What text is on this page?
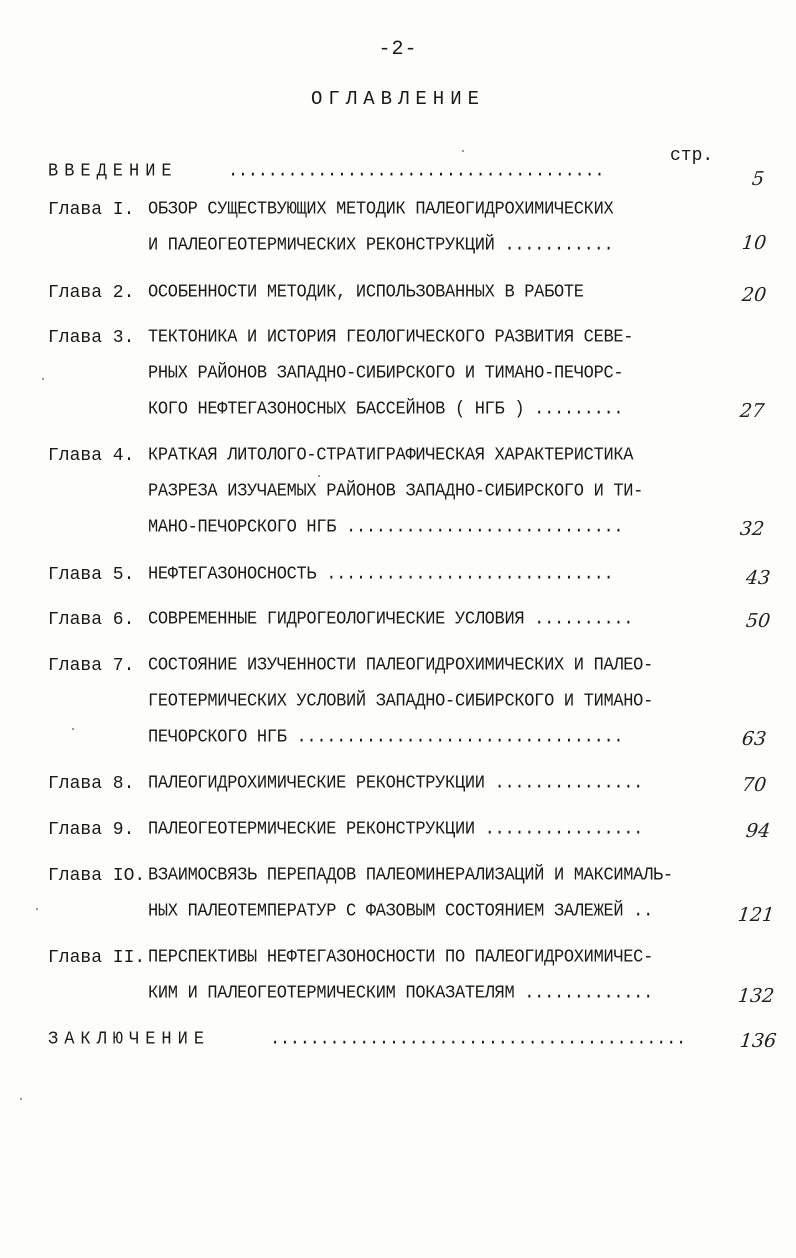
-2-
ОГЛАВЛЕНИЕ
стр.
ВВЕДЕНИЕ	......................................	5
Глава I. ОБЗОР СУЩЕСТВУЮЩИХ МЕТОДИК ПАЛЕОГИДРОХИМИЧЕСКИХ
И ПАЛЕОГЕОТЕРМИЧЕСКИХ РЕКОНСТРУКЦИЙ ...........	10
Глава 2. ОСОБЕННОСТИ МЕТОДИК, ИСПОЛЬЗОВАННЫХ В РАБОТЕ	20
Глава 3. ТЕКТОНИКА И ИСТОРИЯ ГЕОЛОГИЧЕСКОГО РАЗВИТИЯ СЕВЕ-
РНЫХ РАЙОНОВ ЗАПАДНО-СИБИРСКОГО И ТИМАНО-ПЕЧОРС-
КОГО НЕФТЕГАЗОНОСНЫХ БАССЕЙНОВ ( НГБ ) .........	27
Глава 4. КРАТКАЯ ЛИТОЛОГО-СТРАТИГРАФИЧЕСКАЯ ХАРАКТЕРИСТИКА
РАЗРЕЗА ИЗУЧАЕМЫХ РАЙОНОВ ЗАПАДНО-СИБИРСКОГО И ТИ-
МАНО-ПЕЧОРСКОГО НГБ ............................	32
Глава 5. НЕФТЕГАЗОНОСНОСТЬ .............................	43
Глава 6. СОВРЕМЕННЫЕ ГИДРОГЕОЛОГИЧЕСКИЕ УСЛОВИЯ ..........	50
Глава 7. СОСТОЯНИЕ ИЗУЧЕННОСТИ ПАЛЕОГИДРОХИМИЧЕСКИХ И ПАЛЕО-
ГЕОТЕРМИЧЕСКИХ УСЛОВИЙ ЗАПАДНО-СИБИРСКОГО И ТИМАНО-
ПЕЧОРСКОГО НГБ .................................	63
Глава 8. ПАЛЕОГИДРОХИМИЧЕСКИЕ РЕКОНСТРУКЦИИ ...............	70
Глава 9. ПАЛЕОГЕОТЕРМИЧЕСКИЕ РЕКОНСТРУКЦИИ ................	94
Глава IO. ВЗАИМОСВЯЗЬ ПЕРЕПАДОВ ПАЛЕОМИНЕРАЛИЗАЦИЙ И МАКСИМАЛЬ-
НЫХ ПАЛЕОТЕМПЕРАТУР С ФАЗОВЫМ СОСТОЯНИЕМ ЗАЛЕЖЕЙ ..	121
Глава II. ПЕРСПЕКТИВЫ НЕФТЕГАЗОНОСНОСТИ ПО ПАЛЕОГИДРОХИМИЧЕС-
КИМ И ПАЛЕОГЕОТЕРМИЧЕСКИМ ПОКАЗАТЕЛЯМ .............	132
ЗАКЛЮЧЕНИЕ	..........................................	136
